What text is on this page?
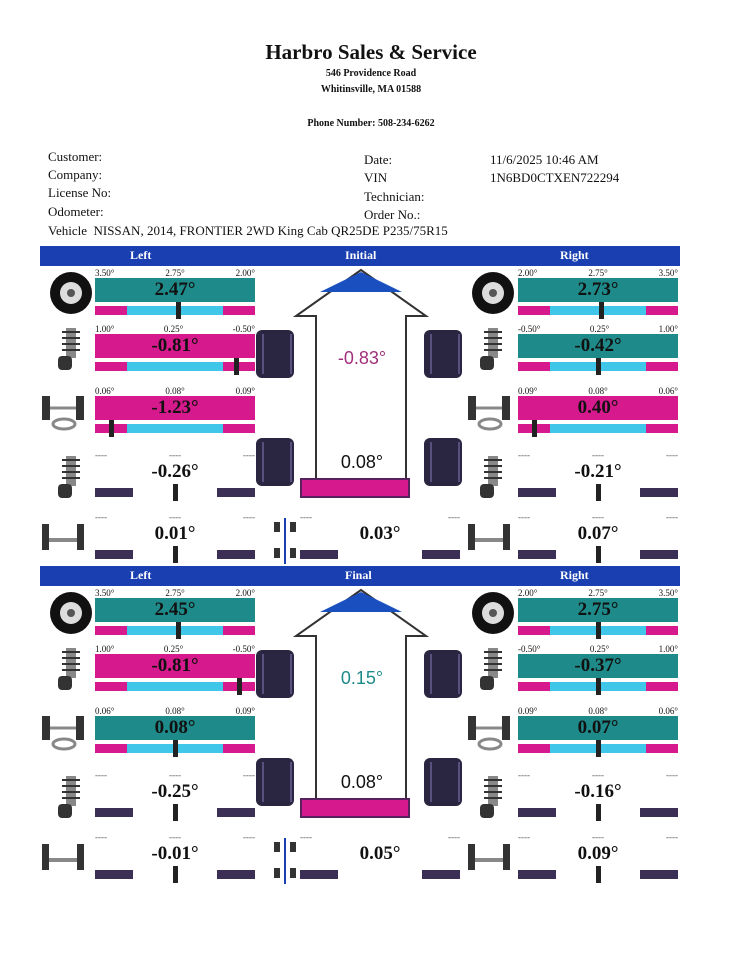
Harbro Sales & Service
546 Providence Road
Whitinsville, MA 01588
Phone Number: 508-234-6262
Customer:
Company:
License No:
Odometer:
Date:	11/6/2025 10:46 AM
VIN	1N6BD0CTXEN722294
Technician:
Order No.:
Vehicle NISSAN, 2014, FRONTIER 2WD King Cab QR25DE P235/75R15
Left	Initial	Right
3.50°	2.75°	2.00°
2.47°
1.00°	0.25°	-0.50°
-0.81°
0.06°	0.08°	0.09°
-1.23°
----	----	----
-0.26°
----	----	----
0.01°
2.00°	2.75°	3.50°
2.73°
-0.50°	0.25°	1.00°
-0.42°
0.09°	0.08°	0.06°
0.40°
----	----	----
-0.21°
----	----	----
0.07°
-0.83°
0.08°
----	----
0.03°
Left	Final	Right
3.50°	2.75°	2.00°
2.45°
1.00°	0.25°	-0.50°
-0.81°
0.06°	0.08°	0.09°
0.08°
----	----	----
-0.25°
----	----	----
-0.01°
2.00°	2.75°	3.50°
2.75°
-0.50°	0.25°	1.00°
-0.37°
0.09°	0.08°	0.06°
0.07°
----	----	----
-0.16°
----	----	----
0.09°
0.15°
0.08°
----	----
0.05°
